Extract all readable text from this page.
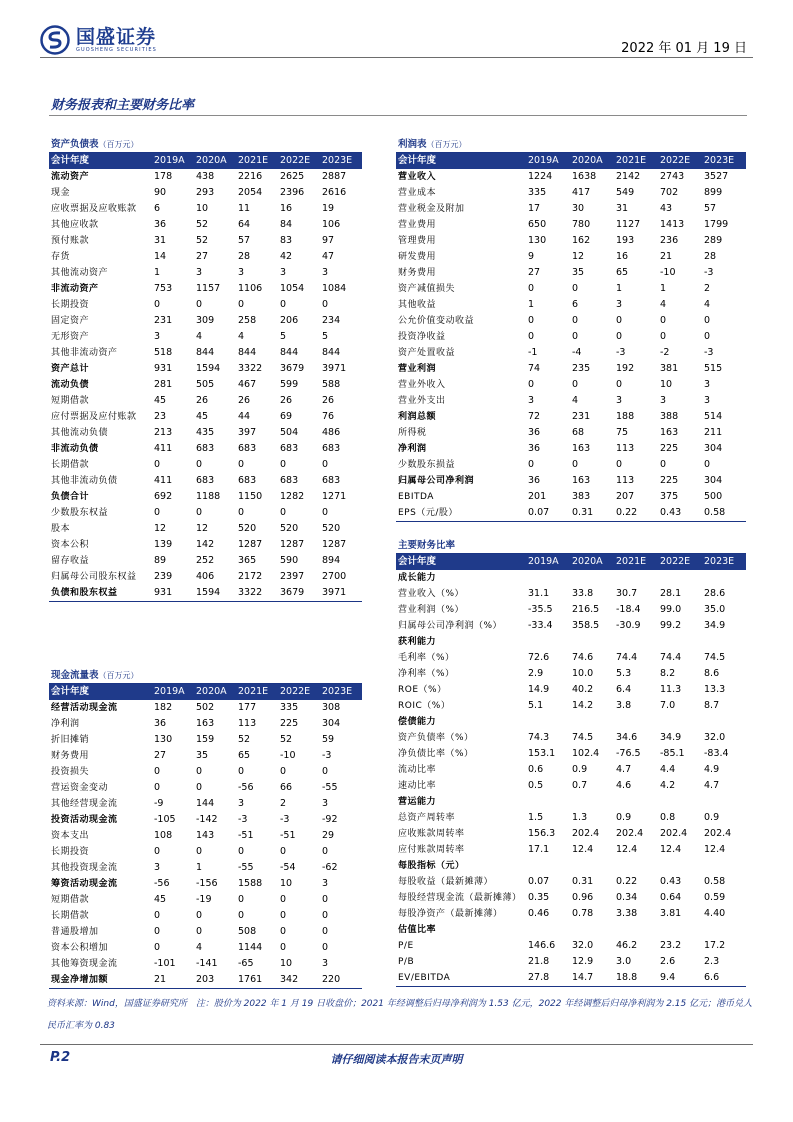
国盛证券
GUOSHENG SECURITIES	2022 年 01 月 19 日
财务报表和主要财务比率
资产负债表（百万元）					
会计年度	2019A	2020A	2021E	2022E	2023E
流动资产	178	438	2216	2625	2887
现金	90	293	2054	2396	2616
应收票据及应收账款	6	10	11	16	19
其他应收款	36	52	64	84	106
预付账款	31	52	57	83	97
存货	14	27	28	42	47
其他流动资产	1	3	3	3	3
非流动资产	753	1157	1106	1054	1084
长期投资	0	0	0	0	0
固定资产	231	309	258	206	234
无形资产	3	4	4	5	5
其他非流动资产	518	844	844	844	844
资产总计	931	1594	3322	3679	3971
流动负债	281	505	467	599	588
短期借款	45	26	26	26	26
应付票据及应付账款	23	45	44	69	76
其他流动负债	213	435	397	504	486
非流动负债	411	683	683	683	683
长期借款	0	0	0	0	0
其他非流动负债	411	683	683	683	683
负债合计	692	1188	1150	1282	1271
少数股东权益	0	0	0	0	0
股本	12	12	520	520	520
资本公积	139	142	1287	1287	1287
留存收益	89	252	365	590	894
归属母公司股东权益	239	406	2172	2397	2700
负债和股东权益	931	1594	3322	3679	3971
利润表（百万元）					
会计年度	2019A	2020A	2021E	2022E	2023E
营业收入	1224	1638	2142	2743	3527
营业成本	335	417	549	702	899
营业税金及附加	17	30	31	43	57
营业费用	650	780	1127	1413	1799
管理费用	130	162	193	236	289
研发费用	9	12	16	21	28
财务费用	27	35	65	-10	-3
资产减值损失	0	0	1	1	2
其他收益	1	6	3	4	4
公允价值变动收益	0	0	0	0	0
投资净收益	0	0	0	0	0
资产处置收益	-1	-4	-3	-2	-3
营业利润	74	235	192	381	515
营业外收入	0	0	0	10	3
营业外支出	3	4	3	3	3
利润总额	72	231	188	388	514
所得税	36	68	75	163	211
净利润	36	163	113	225	304
少数股东损益	0	0	0	0	0
归属母公司净利润	36	163	113	225	304
EBITDA	201	383	207	375	500
EPS（元/股）	0.07	0.31	0.22	0.43	0.58
主要财务比率					
会计年度	2019A	2020A	2021E	2022E	2023E
成长能力					
营业收入（%）	31.1	33.8	30.7	28.1	28.6
营业利润（%）	-35.5	216.5	-18.4	99.0	35.0
归属母公司净利润（%）	-33.4	358.5	-30.9	99.2	34.9
获利能力					
毛利率（%）	72.6	74.6	74.4	74.4	74.5
净利率（%）	2.9	10.0	5.3	8.2	8.6
ROE（%）	14.9	40.2	6.4	11.3	13.3
ROIC（%）	5.1	14.2	3.8	7.0	8.7
偿债能力					
资产负债率（%）	74.3	74.5	34.6	34.9	32.0
净负债比率（%）	153.1	102.4	-76.5	-85.1	-83.4
流动比率	0.6	0.9	4.7	4.4	4.9
速动比率	0.5	0.7	4.6	4.2	4.7
营运能力					
总资产周转率	1.5	1.3	0.9	0.8	0.9
应收账款周转率	156.3	202.4	202.4	202.4	202.4
应付账款周转率	17.1	12.4	12.4	12.4	12.4
每股指标（元）					
每股收益（最新摊薄）	0.07	0.31	0.22	0.43	0.58
每股经营现金流（最新摊薄）	0.35	0.96	0.34	0.64	0.59
每股净资产（最新摊薄）	0.46	0.78	3.38	3.81	4.40
估值比率					
P/E	146.6	32.0	46.2	23.2	17.2
P/B	21.8	12.9	3.0	2.6	2.3
EV/EBITDA	27.8	14.7	18.8	9.4	6.6
现金流量表（百万元）					
会计年度	2019A	2020A	2021E	2022E	2023E
经营活动现金流	182	502	177	335	308
净利润	36	163	113	225	304
折旧摊销	130	159	52	52	59
财务费用	27	35	65	-10	-3
投资损失	0	0	0	0	0
营运资金变动	0	0	-56	66	-55
其他经营现金流	-9	144	3	2	3
投资活动现金流	-105	-142	-3	-3	-92
资本支出	108	143	-51	-51	29
长期投资	0	0	0	0	0
其他投资现金流	3	1	-55	-54	-62
筹资活动现金流	-56	-156	1588	10	3
短期借款	45	-19	0	0	0
长期借款	0	0	0	0	0
普通股增加	0	0	508	0	0
资本公积增加	0	4	1144	0	0
其他筹资现金流	-101	-141	-65	10	3
现金净增加额	21	203	1761	342	220
资料来源：Wind，国盛证券研究所　注：股价为 2022 年 1 月 19 日收盘价；2021 年经调整后归母净利润为 1.53 亿元，2022 年经调整后归母净利润为 2.15 亿元；港币兑人民币汇率为 0.83
P.2	请仔细阅读本报告末页声明
